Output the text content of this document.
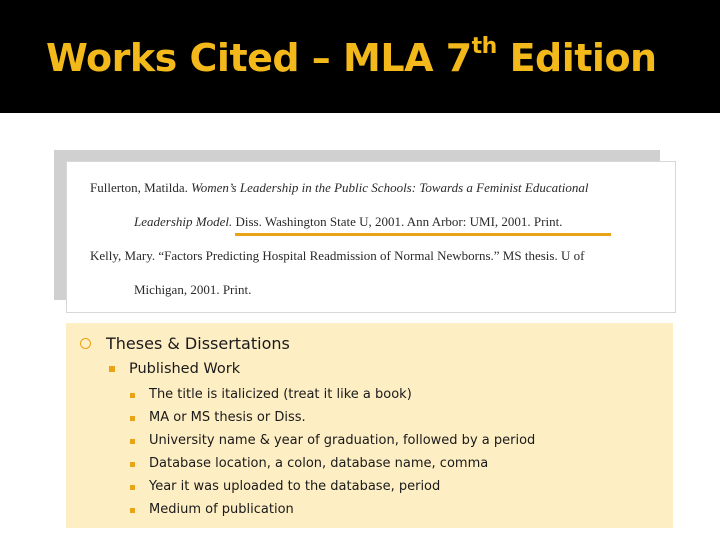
Works Cited – MLA 7th Edition

Fullerton, Matilda. Women’s Leadership in the Public Schools: Towards a Feminist Educational

Leadership Model. Diss. Washington State U, 2001. Ann Arbor: UMI, 2001. Print.

Kelly, Mary. “Factors Predicting Hospital Readmission of Normal Newborns.” MS thesis. U of

Michigan, 2001. Print.

Theses & Dissertations

Published Work

The title is italicized (treat it like a book)
MA or MS thesis or Diss.
University name & year of graduation, followed by a period
Database location, a colon, database name, comma
Year it was uploaded to the database, period
Medium of publication
